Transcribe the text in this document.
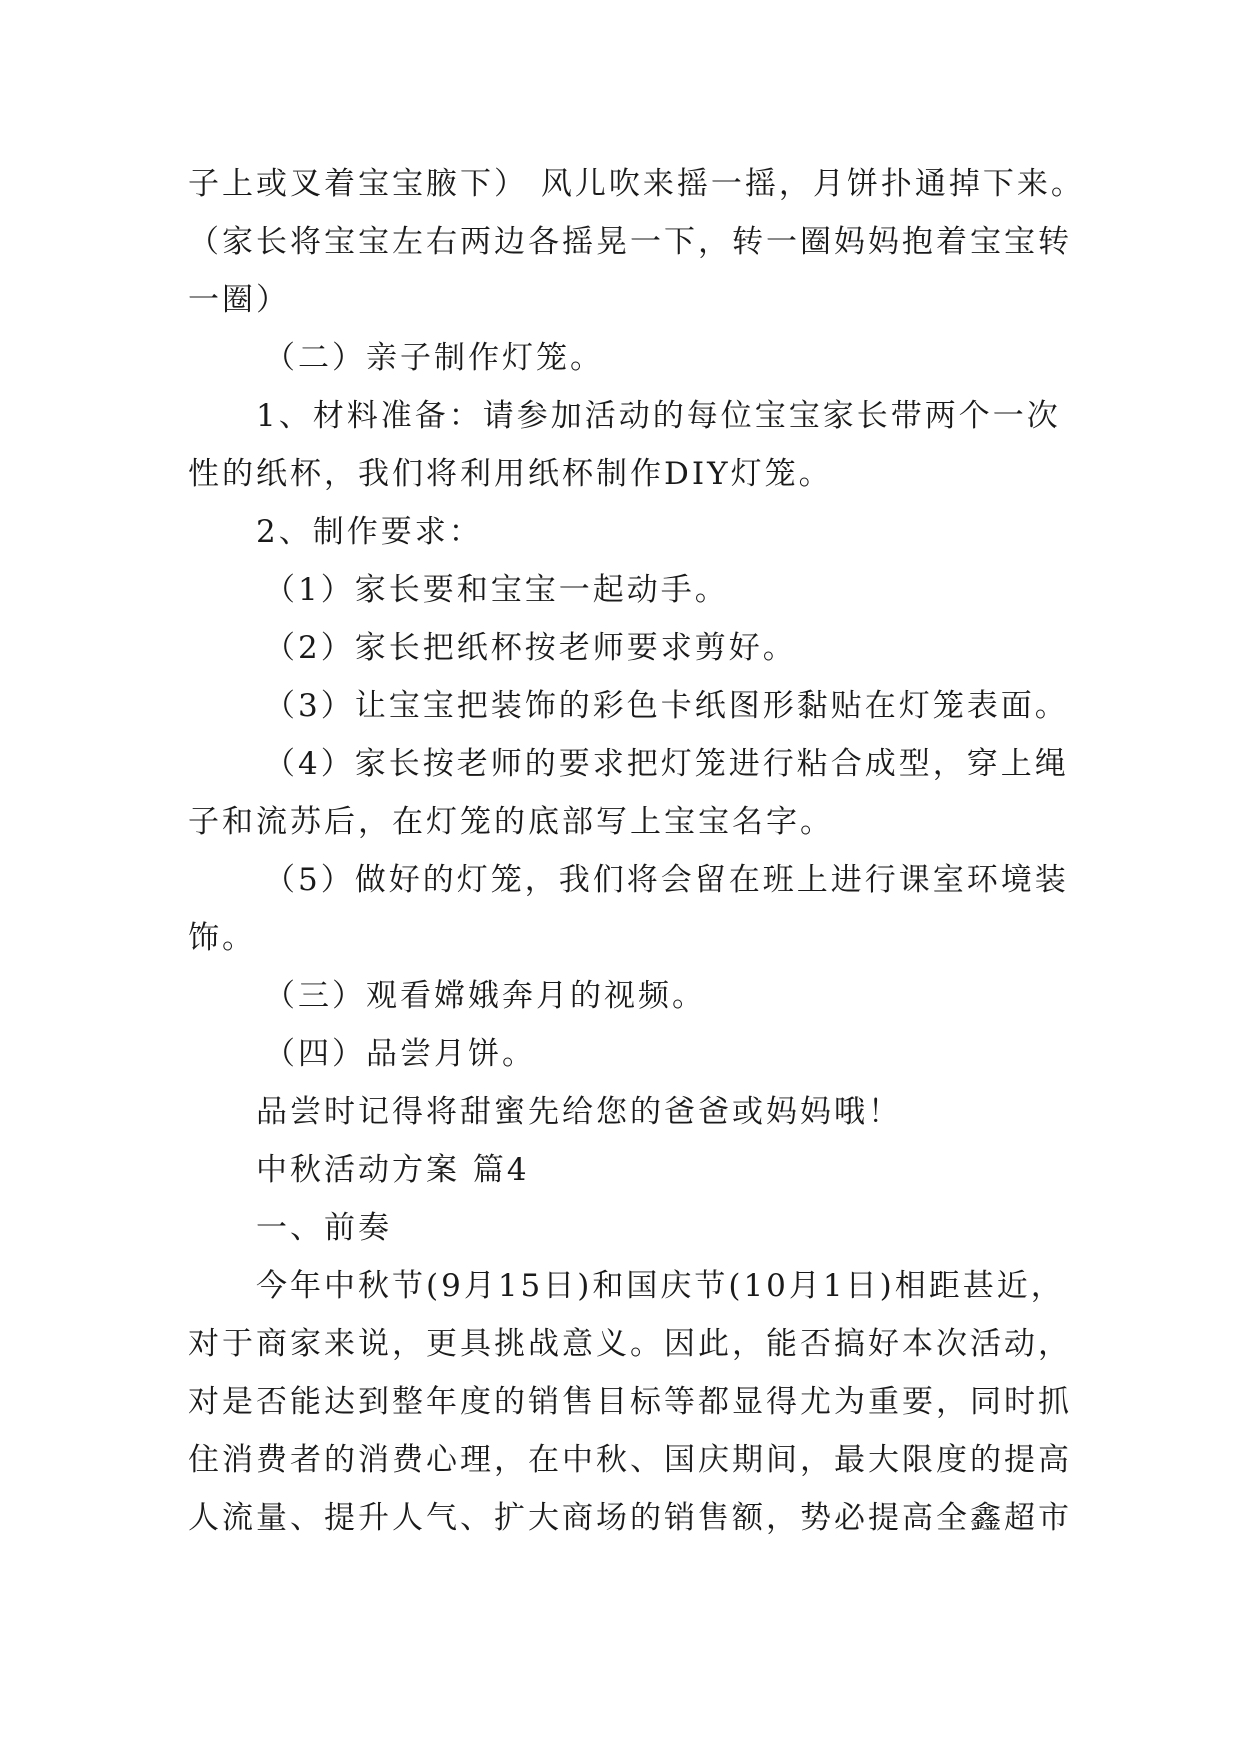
子上或叉着宝宝腋下） 风儿吹来摇一摇，月饼扑通掉下来。
（家长将宝宝左右两边各摇晃一下，转一圈妈妈抱着宝宝转
一圈）
（二）亲子制作灯笼。
1、材料准备：请参加活动的每位宝宝家长带两个一次
性的纸杯，我们将利用纸杯制作DIY灯笼。
2、制作要求：
（1）家长要和宝宝一起动手。
（2）家长把纸杯按老师要求剪好。
（3）让宝宝把装饰的彩色卡纸图形黏贴在灯笼表面。
（4）家长按老师的要求把灯笼进行粘合成型，穿上绳
子和流苏后，在灯笼的底部写上宝宝名字。
（5）做好的灯笼，我们将会留在班上进行课室环境装
饰。
（三）观看嫦娥奔月的视频。
（四）品尝月饼。
品尝时记得将甜蜜先给您的爸爸或妈妈哦！
中秋活动方案 篇4
一、前奏
今年中秋节(9月15日)和国庆节(10月1日)相距甚近，
对于商家来说，更具挑战意义。因此，能否搞好本次活动，
对是否能达到整年度的销售目标等都显得尤为重要，同时抓
住消费者的消费心理，在中秋、国庆期间，最大限度的提高
人流量、提升人气、扩大商场的销售额，势必提高全鑫超市
